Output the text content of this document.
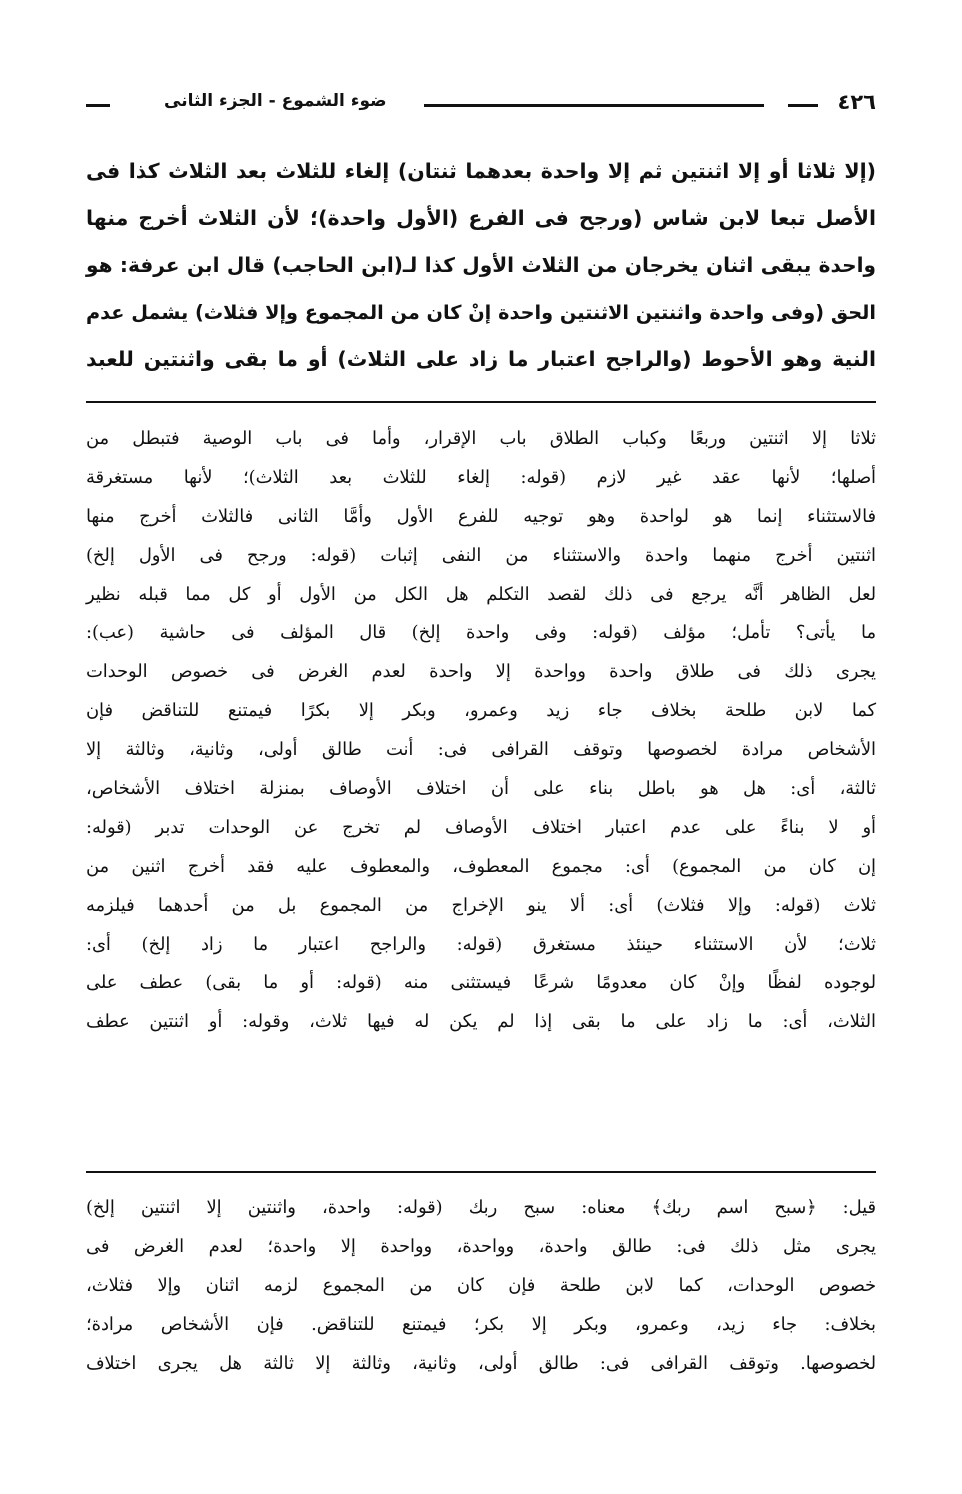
٤٢٦
ضوء الشموع - الجزء الثانى

(إلا ثلاثا أو إلا اثنتين ثم إلا واحدة بعدهما ثنتان) إلغاء للثلاث بعد الثلاث كذا فى

الأصل تبعا لابن شاس (ورجح فى الفرع (الأول واحدة)؛ لأن الثلاث أخرج منها

واحدة يبقى اثنان يخرجان من الثلاث الأول كذا لـ(ابن الحاجب) قال ابن عرفة: هو

الحق (وفى واحدة واثنتين الاثنتين واحدة إنْ كان من المجموع وإلا فثلاث) يشمل عدم

النية وهو الأحوط (والراجح اعتبار ما زاد على الثلاث) أو ما بقى واثنتين للعبد

ثلاثا إلا اثنتين وربعًا وكباب الطلاق باب الإقرار، وأما فى باب الوصية فتبطل من

أصلها؛ لأنها عقد غير لازم (قوله: إلغاء للثلاث بعد الثلاث)؛ لأنها مستغرقة

فالاستثناء إنما هو لواحدة وهو توجيه للفرع الأول وأمَّا الثانى فالثلاث أخرج منها

اثنتين أخرج منهما واحدة والاستثناء من النفى إثبات (قوله: ورجح فى الأول إلخ)

لعل الظاهر أنَّه يرجع فى ذلك لقصد التكلم هل الكل من الأول أو كل مما قبله نظير

ما يأتى؟ تأمل؛ مؤلف (قوله: وفى واحدة إلخ) قال المؤلف فى حاشية (عب):

يجرى ذلك فى طلاق واحدة وواحدة إلا واحدة لعدم الغرض فى خصوص الوحدات

كما لابن طلحة بخلاف جاء زيد وعمرو، وبكر إلا بكرًا فيمتنع للتناقض فإن

الأشخاص مرادة لخصوصها وتوقف القرافى فى: أنت طالق أولى، وثانية، وثالثة إلا

ثالثة، أى: هل هو باطل بناء على أن اختلاف الأوصاف بمنزلة اختلاف الأشخاص،

أو لا بناءً على عدم اعتبار اختلاف الأوصاف لم تخرج عن الوحدات تدبر (قوله:

إن كان من المجموع) أى: مجموع المعطوف، والمعطوف عليه فقد أخرج اثنين من

ثلاث (قوله: وإلا فثلاث) أى: ألا ينو الإخراج من المجموع بل من أحدهما فيلزمه

ثلاث؛ لأن الاستثناء حينئذ مستغرق (قوله: والراجح اعتبار ما زاد إلخ) أى:

لوجوده لفظًا وإنْ كان معدومًا شرعًا فيستثنى منه (قوله: أو ما بقى) عطف على

الثلاث، أى: ما زاد على ما بقى إذا لم يكن له فيها ثلاث، وقوله: أو اثنتين عطف

قيل: ﴿سبح اسم ربك﴾ معناه: سبح ربك (قوله: واحدة، واثنتين إلا اثنتين إلخ)

يجرى مثل ذلك فى: طالق واحدة، وواحدة، وواحدة إلا واحدة؛ لعدم الغرض فى

خصوص الوحدات، كما لابن طلحة فإن كان من المجموع لزمه اثنان وإلا فثلاث،

بخلاف: جاء زيد، وعمرو، وبكر إلا بكر؛ فيمتنع للتناقض. فإن الأشخاص مرادة؛

لخصوصها. وتوقف القرافى فى: طالق أولى، وثانية، وثالثة إلا ثالثة هل يجرى اختلاف
